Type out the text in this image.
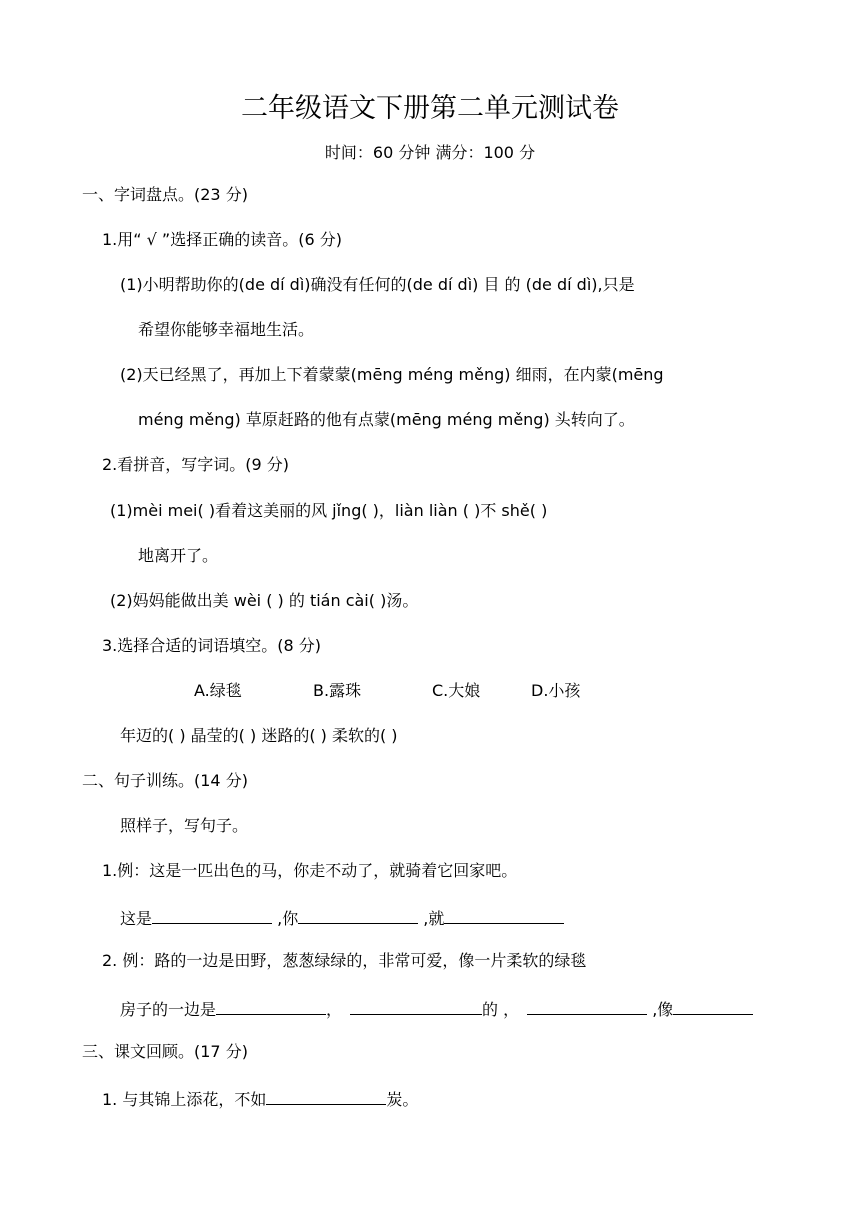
二年级语文下册第二单元测试卷
时间：60 分钟 满分：100 分
一、字词盘点。(23 分)
1.用“ √ ”选择正确的读音。(6 分)
(1)小明帮助你的(de dí dì)确没有任何的(de dí dì) 目 的 (de dí dì),只是
希望你能够幸福地生活。
(2)天已经黑了，再加上下着蒙蒙(mēng méng měng) 细雨，在内蒙(mēng
méng měng) 草原赶路的他有点蒙(mēng méng měng) 头转向了。
2.看拼音，写字词。(9 分)
(1)mèi mei( )看着这美丽的风 jǐng( )，liàn liàn ( )不 shě( )
地离开了。
(2)妈妈能做出美 wèi ( ) 的 tián cài( )汤。
3.选择合适的词语填空。(8 分)
A.绿毯	B.露珠	C.大娘	D.小孩
年迈的( ) 晶莹的( ) 迷路的( ) 柔软的( )
二、句子训练。(14 分)
照样子，写句子。
1.例：这是一匹出色的马，你走不动了，就骑着它回家吧。
这是	,你	,就
2. 例：路的一边是田野，葱葱绿绿的，非常可爱，像一片柔软的绿毯
房子的一边是	，	的 ，	,像
三、课文回顾。(17 分)
1. 与其锦上添花，不如	炭。
